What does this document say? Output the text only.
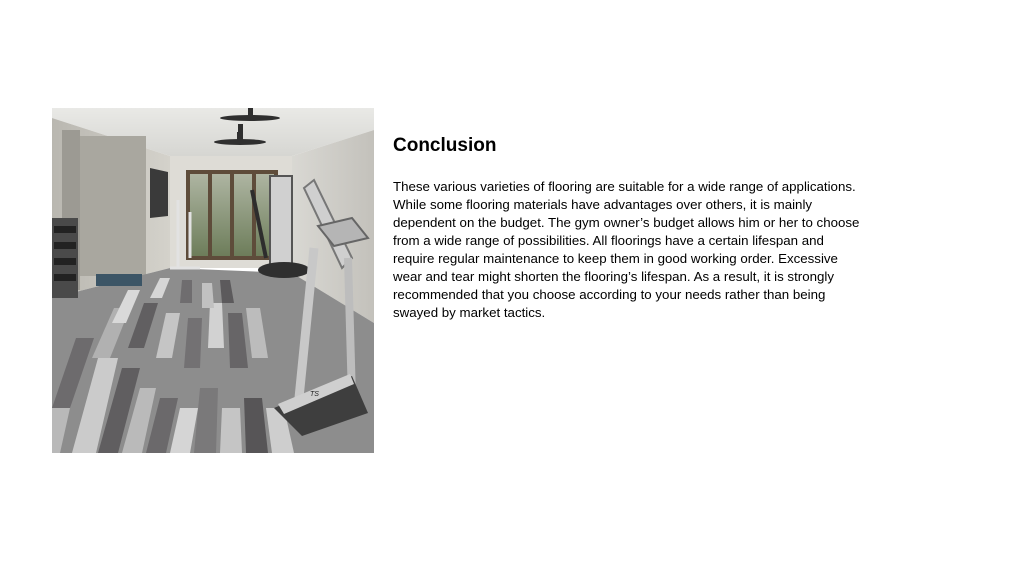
TS
Conclusion

These various varieties of flooring are suitable for a wide range of applications. While some flooring materials have advantages over others, it is mainly dependent on the budget. The gym owner’s budget allows him or her to choose from a wide range of possibilities. All floorings have a certain lifespan and require regular maintenance to keep them in good working order. Excessive wear and tear might shorten the flooring’s lifespan. As a result, it is strongly recommended that you choose according to your needs rather than being swayed by market tactics.
